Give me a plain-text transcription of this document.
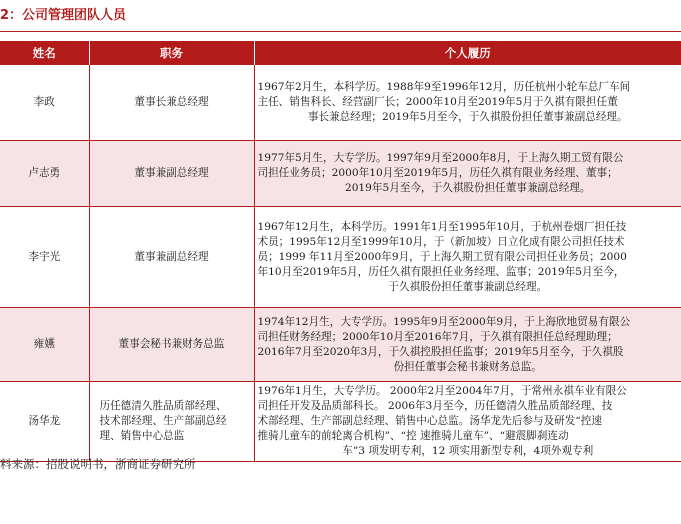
2：公司管理团队人员
姓名	职务	个人履历
李政	董事长兼总经理	1967年2月生，本科学历。1988年9至1996年12月，历任杭州小轮车总厂车间
主任、销售科长、经营副厂长；2000年10月至2019年5月于久祺有限担任董
事长兼总经理；2019年5月至今，于久祺股份担任董事兼副总经理。

卢志勇	董事兼副总经理	1977年5月生，大专学历。1997年9月至2000年8月，于上海久期工贸有限公
司担任业务员；2000年10月至2019年5月，历任久祺有限业务经理、董事；
2019年5月至今，于久祺股份担任董事兼副总经理。

李宇光	董事兼副总经理	1967年12月生，本科学历。1991年1月至1995年10月，于杭州卷烟厂担任技
术员；1995年12月至1999年10月，于（新加坡）日立化成有限公司担任技术
员；1999 年11月至2000年9月，于上海久期工贸有限公司担任业务员；2000
年10月至2019年5月，历任久祺有限担任业务经理、监事；2019年5月至今，
于久祺股份担任董事兼副总经理。

雍嬿	董事会秘书兼财务总监	1974年12月生，大专学历。1995年9月至2000年9月，于上海欣地贸易有限公
司担任财务经理；2000年10月至2016年7月，于久祺有限担任总经理助理；
2016年7月至2020年3月，于久祺控股担任监事；2019年5月至今，于久祺股
份担任董事会秘书兼财务总监。

汤华龙	历任德清久胜品质部经理、
技术部经理、生产部副总经
理、销售中心总监	1976年1月生，大专学历。 2000年2月至2004年7月，于常州永祺车业有限公
司担任开发及品质部科长。 2006年3月至今，历任德清久胜品质部经理、技
术部经理、生产部副总经理、销售中心总监。汤华龙先后参与及研发“控速
推骑儿童车的前轮离合机构”、“控 速推骑儿童车”、“避震脚刹连动
车”3 项发明专利，12 项实用新型专利，4项外观专利
料来源：招股说明书，浙商证券研究所
